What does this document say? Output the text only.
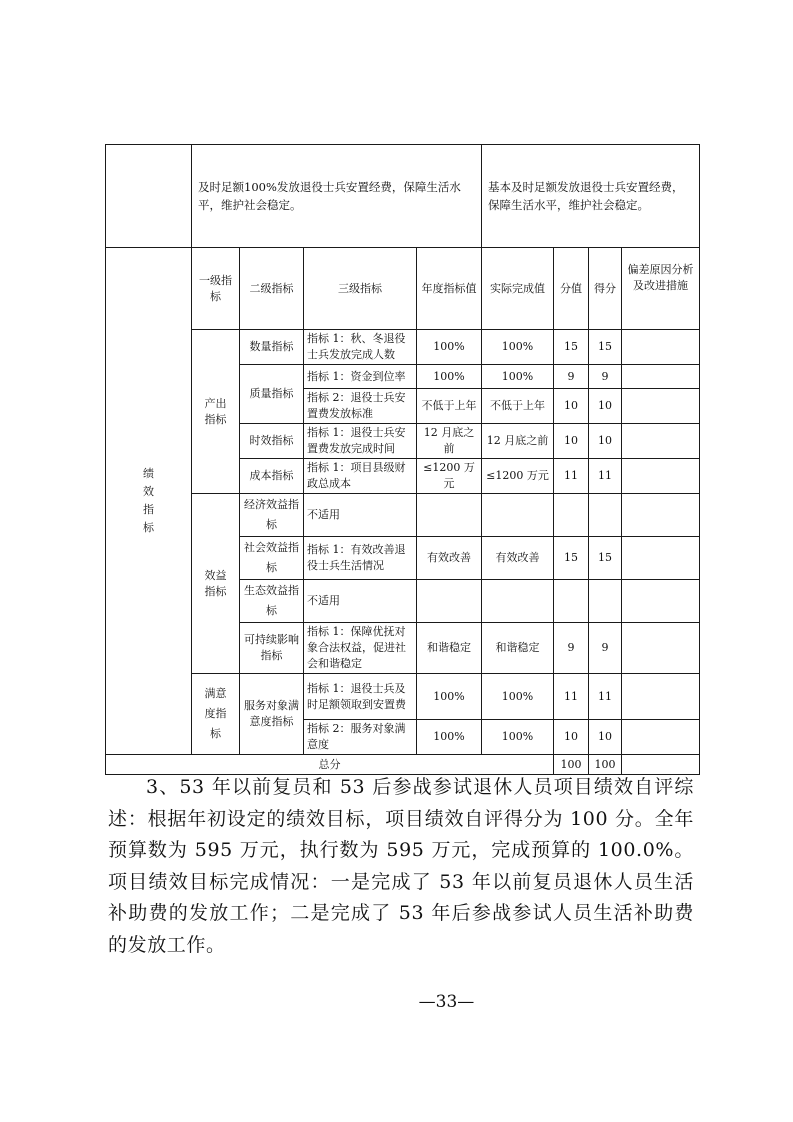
	及时足额100%发放退役士兵安置经费，保障生活水平，维护社会稳定。	基本及时足额发放退役士兵安置经费，保障生活水平，维护社会稳定。
绩效指标	一级指标	二级指标	三级指标	年度指标值	实际完成值	分值	得分	偏差原因分析及改进措施
	产出指标	数量指标	指标 1：秋、冬退役士兵发放完成人数	100%	100%	15	15	
		质量指标	指标 1：资金到位率	100%	100%	9	9	
			指标 2：退役士兵安置费发放标准	不低于上年	不低于上年	10	10	
		时效指标	指标 1：退役士兵安置费发放完成时间	12 月底之前	12 月底之前	10	10	
		成本指标	指标 1：项目县级财政总成本	≤1200 万元	≤1200 万元	11	11	
	效益指标	经济效益指标	不适用					
		社会效益指标	指标 1：有效改善退役士兵生活情况	有效改善	有效改善	15	15	
		生态效益指标	不适用					
		可持续影响指标	指标 1：保障优抚对象合法权益，促进社会和谐稳定	和谐稳定	和谐稳定	9	9	
	满意度指标	服务对象满意度指标	指标 1：退役士兵及时足额领取到安置费	100%	100%	11	11	
			指标 2：服务对象满意度	100%	100%	10	10	
总分						100	100	

3、53 年以前复员和 53 后参战参试退休人员项目绩效自评综述：根据年初设定的绩效目标，项目绩效自评得分为 100 分。全年预算数为 595 万元，执行数为 595 万元，完成预算的 100.0%。项目绩效目标完成情况：一是完成了 53 年以前复员退休人员生活补助费的发放工作；二是完成了 53 年后参战参试人员生活补助费的发放工作。

—33—
